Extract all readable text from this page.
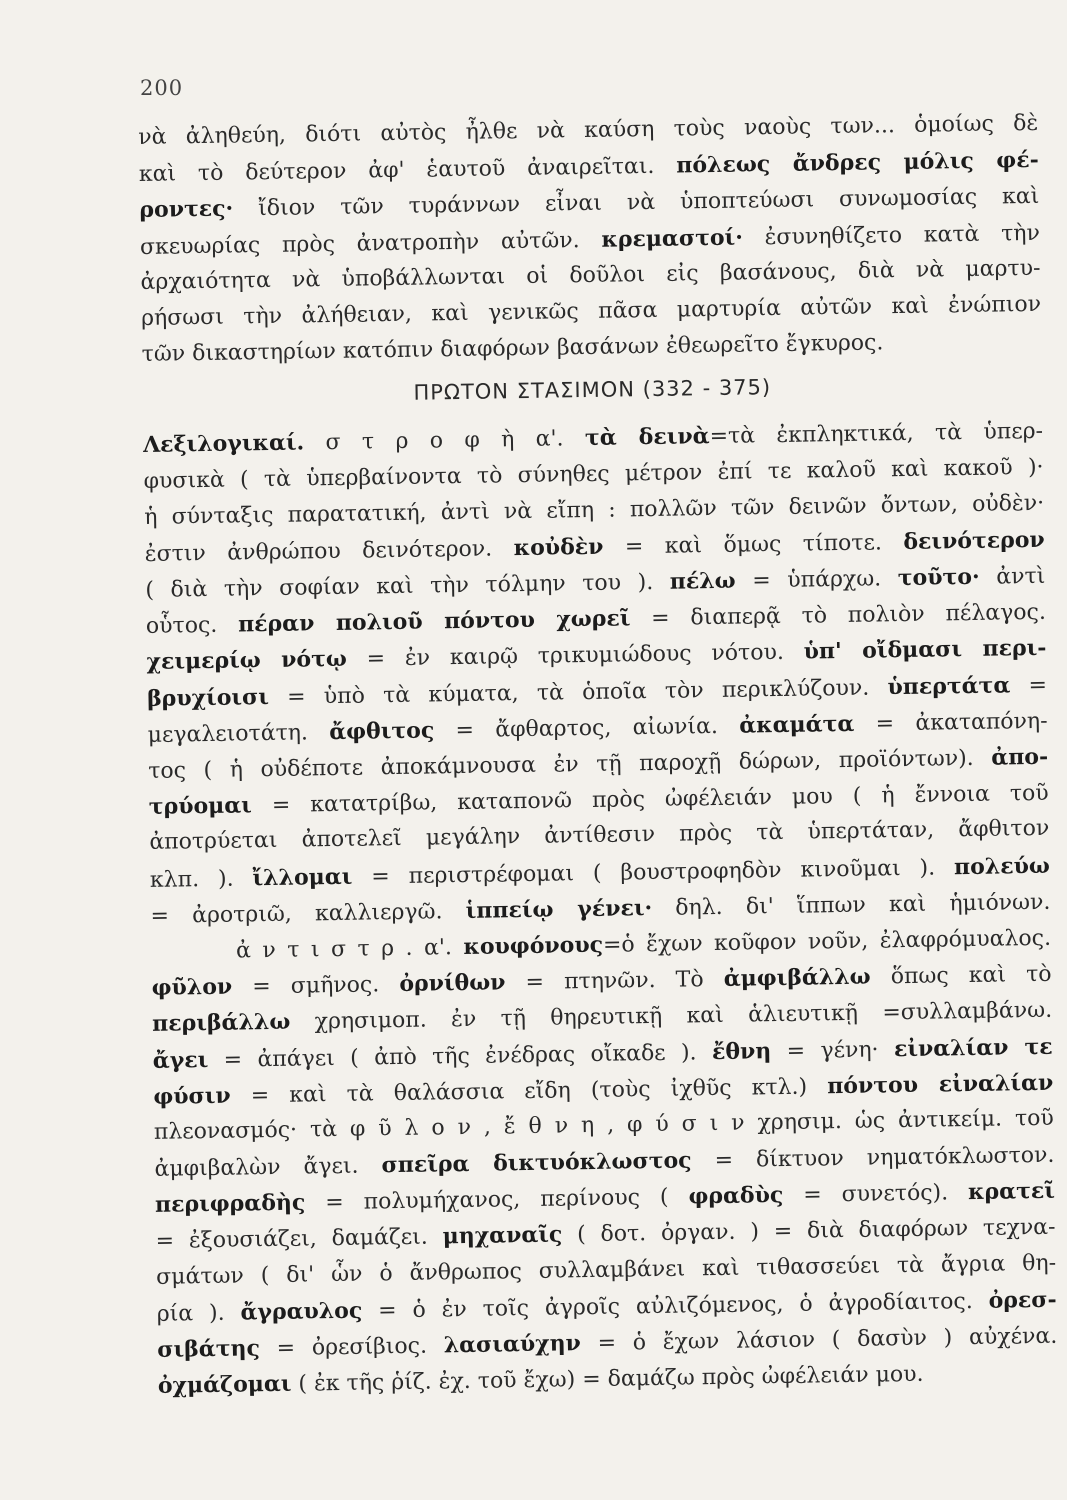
200
νὰ ἀληθεύη, διότι αὐτὸς ἦλθε νὰ καύση τοὺς ναοὺς των... ὁμοίως δὲ
καὶ τὸ δεύτερον ἀφ' ἑαυτοῦ ἀναιρεῖται. πόλεως ἄνδρες μόλις φέ-
ροντες· ἴδιον τῶν τυράννων εἶναι νὰ ὑποπτεύωσι συνωμοσίας καὶ
σκευωρίας πρὸς ἀνατροπὴν αὐτῶν. κρεμαστοί· ἐσυνηθίζετο κατὰ τὴν
ἀρχαιότητα νὰ ὑποβάλλωνται οἱ δοῦλοι εἰς βασάνους, διὰ νὰ μαρτυ-
ρήσωσι τὴν ἀλήθειαν, καὶ γενικῶς πᾶσα μαρτυρία αὐτῶν καὶ ἐνώπιον
τῶν δικαστηρίων κατόπιν διαφόρων βασάνων ἐθεωρεῖτο ἔγκυρος.
ΠΡΩΤΟΝ ΣΤΑΣΙΜΟΝ (332 - 375)
Λεξιλογικαί. σ τ ρ ο φ ὴ α'. τὰ δεινὰ=τὰ ἐκπληκτικά, τὰ ὑπερ-
φυσικὰ ( τὰ ὑπερβαίνοντα τὸ σύνηθες μέτρον ἐπί τε καλοῦ καὶ κακοῦ )·
ἡ σύνταξις παρατατική, ἀντὶ νὰ εἴπη : πολλῶν τῶν δεινῶν ὄντων, οὐδὲν·
ἐστιν ἀνθρώπου δεινότερον. κοὐδὲν = καὶ ὅμως τίποτε. δεινότερον
( διὰ τὴν σοφίαν καὶ τὴν τόλμην του ). πέλω = ὑπάρχω. τοῦτο· ἀντὶ
οὗτος. πέραν πολιοῦ πόντου χωρεῖ = διαπερᾷ τὸ πολιὸν πέλαγος.
χειμερίῳ νότῳ = ἐν καιρῷ τρικυμιώδους νότου. ὑπ' οἴδμασι περι-
βρυχίοισι = ὑπὸ τὰ κύματα, τὰ ὁποῖα τὸν περικλύζουν. ὑπερτάτα =
μεγαλειοτάτη. ἄφθιτος = ἄφθαρτος, αἰωνία. ἀκαμάτα = ἀκαταπόνη-
τος ( ἡ οὐδέποτε ἀποκάμνουσα ἐν τῇ παροχῇ δώρων, προϊόντων). ἀπο-
τρύομαι = κατατρίβω, καταπονῶ πρὸς ὠφέλειάν μου ( ἡ ἔννοια τοῦ
ἀποτρύεται ἀποτελεῖ μεγάλην ἀντίθεσιν πρὸς τὰ ὑπερτάταν, ἄφθιτον
κλπ. ). ἴλλομαι = περιστρέφομαι ( βουστροφηδὸν κινοῦμαι ). πολεύω
= ἀροτριῶ, καλλιεργῶ. ἱππείῳ γένει· δηλ. δι' ἵππων καὶ ἡμιόνων.
ἀ ν τ ι σ τ ρ . α'. κουφόνους=ὁ ἔχων κοῦφον νοῦν, ἐλαφρόμυαλος.
φῦλον = σμῆνος. ὀρνίθων = πτηνῶν. Τὸ ἀμφιβάλλω ὅπως καὶ τὸ
περιβάλλω χρησιμοπ. ἐν τῇ θηρευτικῇ καὶ ἁλιευτικῇ =συλλαμβάνω.
ἄγει = ἀπάγει ( ἀπὸ τῆς ἐνέδρας οἴκαδε ). ἔθνη = γένη· εἰναλίαν τε
φύσιν = καὶ τὰ θαλάσσια εἴδη (τοὺς ἰχθῦς κτλ.) πόντου εἰναλίαν
πλεονασμός· τὰ φ ῦ λ ο ν , ἔ θ ν η , φ ύ σ ι ν χρησιμ. ὡς ἀντικείμ. τοῦ
ἀμφιβαλὼν ἄγει. σπεῖρα δικτυόκλωστος = δίκτυον νηματόκλωστον.
περιφραδὴς = πολυμήχανος, περίνους ( φραδὺς = συνετός). κρατεῖ
= ἐξουσιάζει, δαμάζει. μηχαναῖς ( δοτ. ὀργαν. ) = διὰ διαφόρων τεχνα-
σμάτων ( δι' ὧν ὁ ἄνθρωπος συλλαμβάνει καὶ τιθασσεύει τὰ ἄγρια θη-
ρία ). ἄγραυλος = ὁ ἐν τοῖς ἀγροῖς αὐλιζόμενος, ὁ ἀγροδίαιτος. ὀρεσ-
σιβάτης = ὀρεσίβιος. λασιαύχην = ὁ ἔχων λάσιον ( δασὺν ) αὐχένα.
ὀχμάζομαι ( ἐκ τῆς ῥίζ. ἐχ. τοῦ ἔχω) = δαμάζω πρὸς ὠφέλειάν μου.
